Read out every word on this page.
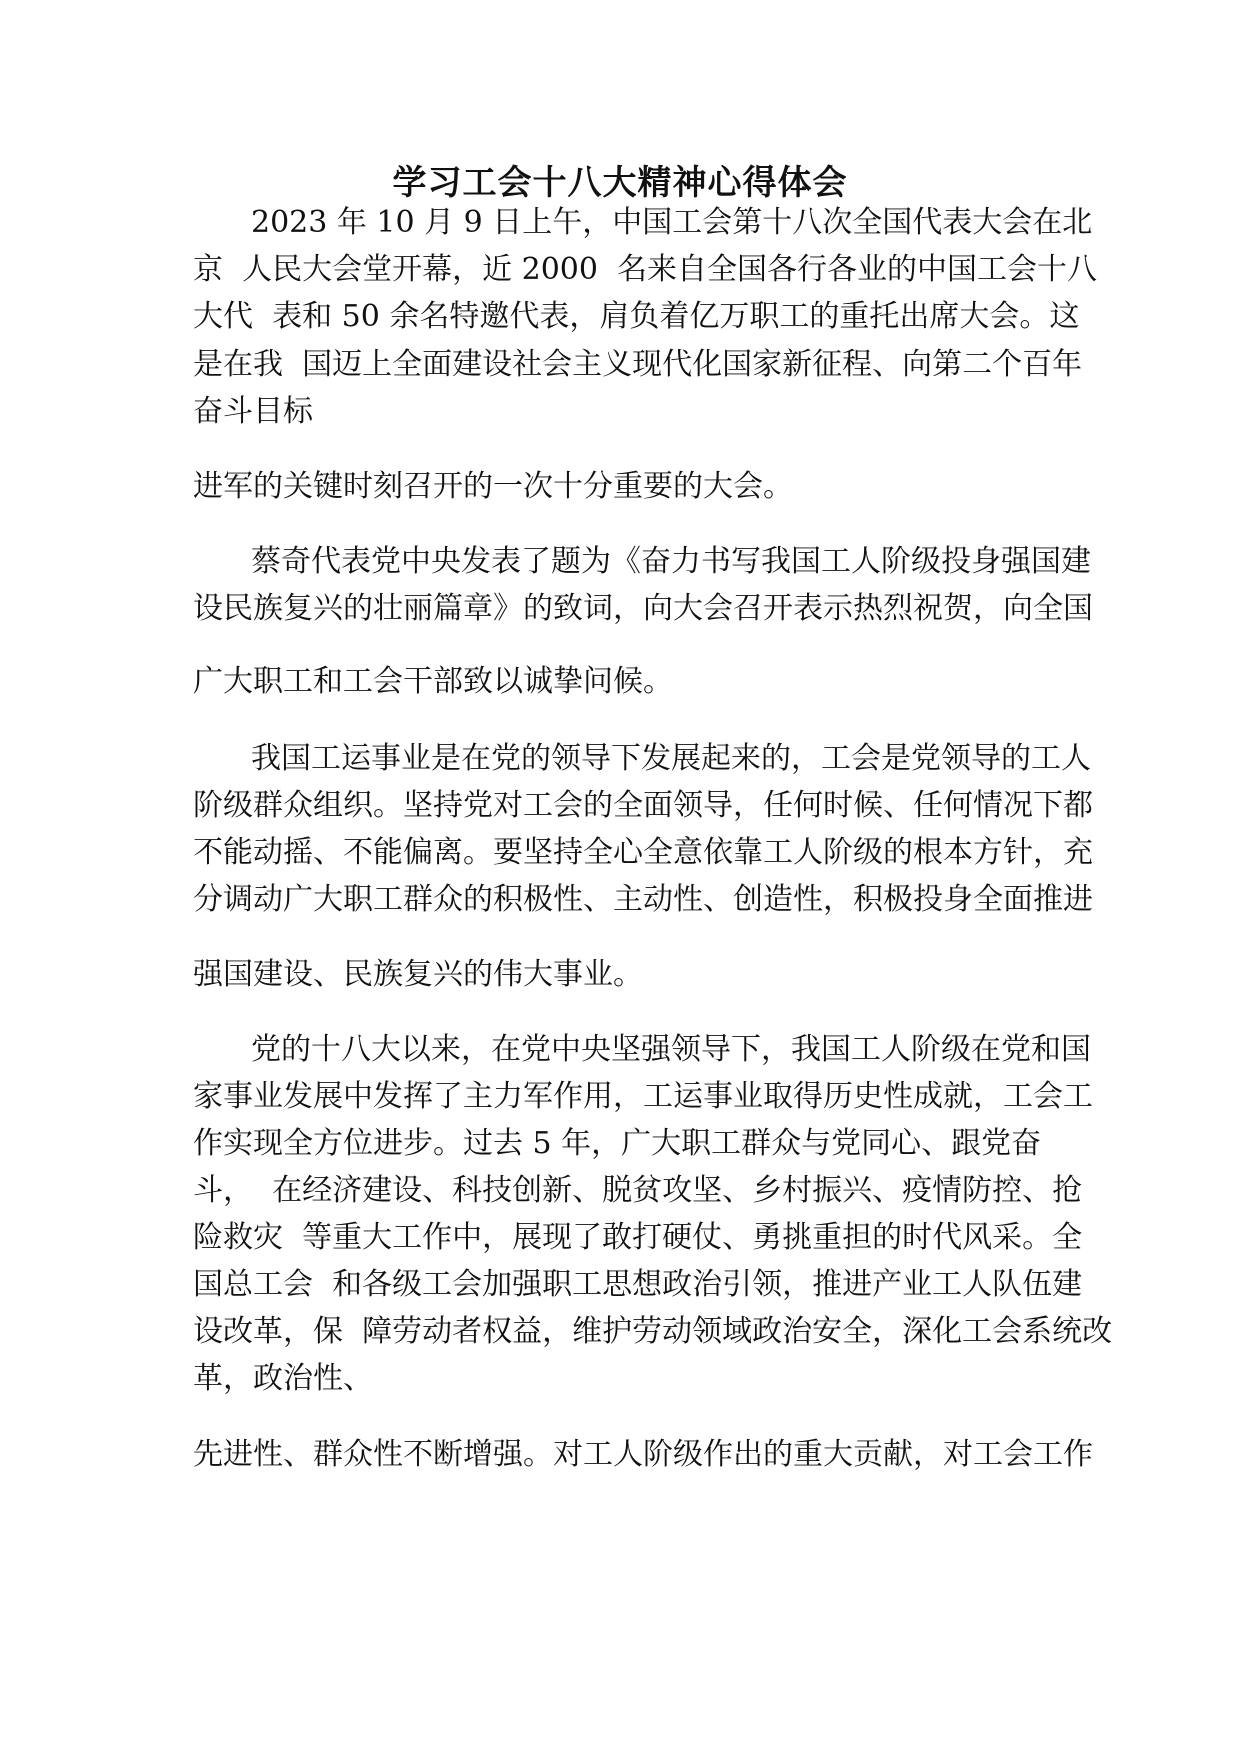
学习工会十八大精神心得体会

2023 年 10 月 9 日上午，中国工会第十八次全国代表大会在北

京  人民大会堂开幕，近 2000  名来自全国各行各业的中国工会十八

大代  表和 50 余名特邀代表，肩负着亿万职工的重托出席大会。这

是在我  国迈上全面建设社会主义现代化国家新征程、向第二个百年

奋斗目标

进军的关键时刻召开的一次十分重要的大会。

蔡奇代表党中央发表了题为《奋力书写我国工人阶级投身强国建

设民族复兴的壮丽篇章》的致词，向大会召开表示热烈祝贺，向全国

广大职工和工会干部致以诚挚问候。

我国工运事业是在党的领导下发展起来的，工会是党领导的工人

阶级群众组织。坚持党对工会的全面领导，任何时候、任何情况下都

不能动摇、不能偏离。要坚持全心全意依靠工人阶级的根本方针，充

分调动广大职工群众的积极性、主动性、创造性，积极投身全面推进

强国建设、民族复兴的伟大事业。

党的十八大以来，在党中央坚强领导下，我国工人阶级在党和国

家事业发展中发挥了主力军作用，工运事业取得历史性成就，工会工

作实现全方位进步。过去 5 年，广大职工群众与党同心、跟党奋

斗，  在经济建设、科技创新、脱贫攻坚、乡村振兴、疫情防控、抢

险救灾  等重大工作中，展现了敢打硬仗、勇挑重担的时代风采。全

国总工会  和各级工会加强职工思想政治引领，推进产业工人队伍建

设改革，保  障劳动者权益，维护劳动领域政治安全，深化工会系统改

革，政治性、

先进性、群众性不断增强。对工人阶级作出的重大贡献，对工会工作
